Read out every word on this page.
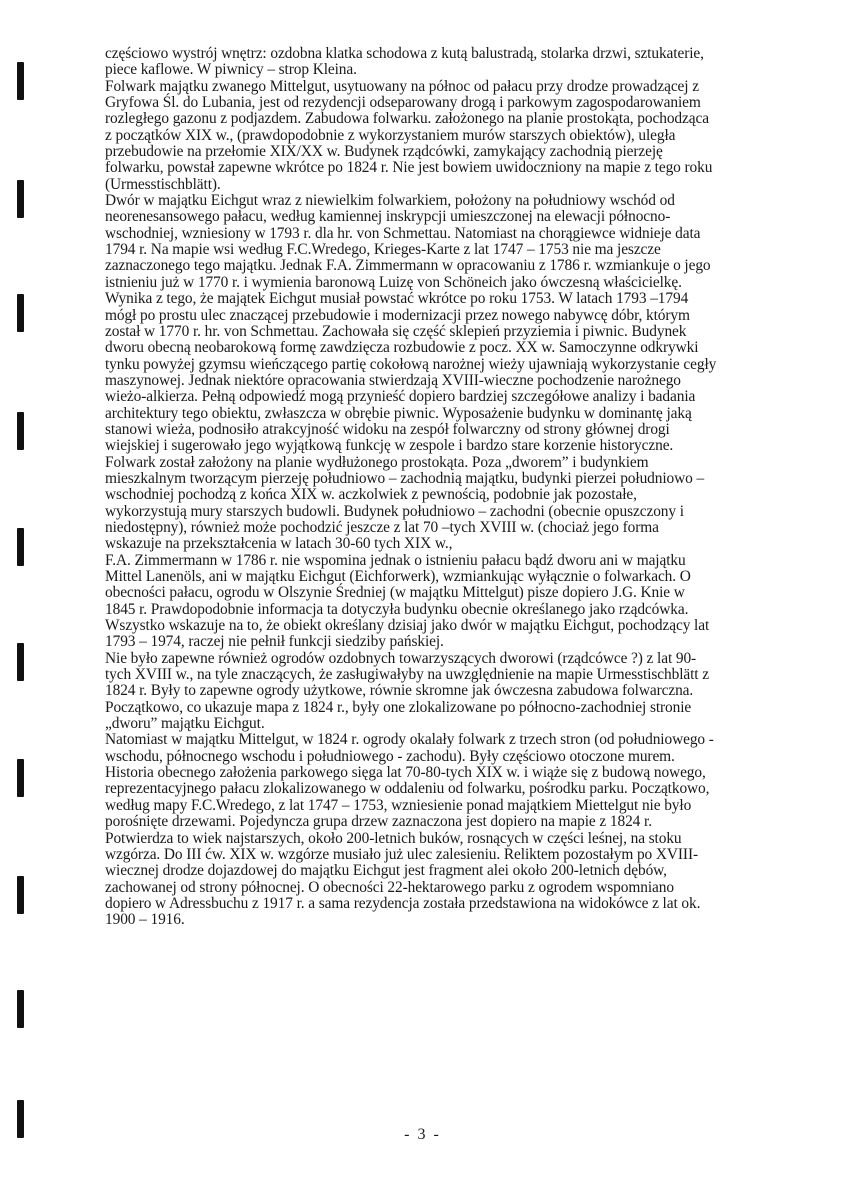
częściowo wystrój wnętrz: ozdobna klatka schodowa z kutą balustradą, stolarka drzwi, sztukaterie,
piece kaflowe. W piwnicy – strop Kleina.
Folwark majątku zwanego Mittelgut, usytuowany na północ od pałacu przy drodze prowadzącej z
Gryfowa Śl. do Lubania, jest od rezydencji odseparowany drogą i parkowym zagospodarowaniem
rozległego gazonu z podjazdem. Zabudowa folwarku. założonego na planie prostokąta, pochodząca
z początków XIX w., (prawdopodobnie z wykorzystaniem murów starszych obiektów), uległa
przebudowie na przełomie XIX/XX w. Budynek rządcówki, zamykający zachodnią pierzeję
folwarku, powstał zapewne wkrótce po 1824 r. Nie jest bowiem uwidoczniony na mapie z tego roku
(Urmesstischblätt).
Dwór w majątku Eichgut wraz z niewielkim folwarkiem, położony na południowy wschód od
neorenesansowego pałacu, według kamiennej inskrypcji umieszczonej na elewacji północno-
wschodniej, wzniesiony w 1793 r. dla hr. von Schmettau. Natomiast na chorągiewce widnieje data
1794 r. Na mapie wsi według F.C.Wredego, Krieges-Karte z lat 1747 – 1753 nie ma jeszcze
zaznaczonego tego majątku. Jednak F.A. Zimmermann w opracowaniu z 1786 r. wzmiankuje o jego
istnieniu już w 1770 r. i wymienia baronową Luizę von Schöneich jako ówczesną właścicielkę.
Wynika z tego, że majątek Eichgut musiał powstać wkrótce po roku 1753. W latach 1793 –1794
mógł po prostu ulec znaczącej przebudowie i modernizacji przez nowego nabywcę dóbr, którym
został w 1770 r. hr. von Schmettau. Zachowała się część sklepień przyziemia i piwnic. Budynek
dworu obecną neobarokową formę zawdzięcza rozbudowie z pocz. XX w. Samoczynne odkrywki
tynku powyżej gzymsu wieńczącego partię cokołową narożnej wieży ujawniają wykorzystanie cegły
maszynowej. Jednak niektóre opracowania stwierdzają XVIII-wieczne pochodzenie narożnego
wieżo-alkierza. Pełną odpowiedź mogą przynieść dopiero bardziej szczegółowe analizy i badania
architektury tego obiektu, zwłaszcza w obrębie piwnic. Wyposażenie budynku w dominantę jaką
stanowi wieża, podnosiło atrakcyjność widoku na zespół folwarczny od strony głównej drogi
wiejskiej i sugerowało jego wyjątkową funkcję w zespole i bardzo stare korzenie historyczne.
Folwark został założony na planie wydłużonego prostokąta. Poza „dworem” i budynkiem
mieszkalnym tworzącym pierzeję południowo – zachodnią majątku, budynki pierzei południowo –
wschodniej pochodzą z końca XIX w. aczkolwiek z pewnością, podobnie jak pozostałe,
wykorzystują mury starszych budowli. Budynek południowo – zachodni (obecnie opuszczony i
niedostępny), również może pochodzić jeszcze z lat 70 –tych XVIII w. (chociaż jego forma
wskazuje na przekształcenia w latach 30-60 tych XIX w.,
F.A. Zimmermann w 1786 r. nie wspomina jednak o istnieniu pałacu bądź dworu ani w majątku
Mittel Lanenöls, ani w majątku Eichgut (Eichforwerk), wzmiankując wyłącznie o folwarkach. O
obecności pałacu, ogrodu w Olszynie Średniej (w majątku Mittelgut) pisze dopiero J.G. Knie w
1845 r. Prawdopodobnie informacja ta dotyczyła budynku obecnie określanego jako rządcówka.
Wszystko wskazuje na to, że obiekt określany dzisiaj jako dwór w majątku Eichgut, pochodzący lat
1793 – 1974, raczej nie pełnił funkcji siedziby pańskiej.
Nie było zapewne również ogrodów ozdobnych towarzyszących dworowi (rządcówce ?) z lat 90-
tych XVIII w., na tyle znaczących, że zasługiwałyby na uwzględnienie na mapie Urmesstischblätt z
1824 r. Były to zapewne ogrody użytkowe, równie skromne jak ówczesna zabudowa folwarczna.
Początkowo, co ukazuje mapa z 1824 r., były one zlokalizowane po północno-zachodniej stronie
„dworu” majątku Eichgut.
Natomiast w majątku Mittelgut, w 1824 r. ogrody okalały folwark z trzech stron (od południowego -
wschodu, północnego wschodu i południowego - zachodu). Były częściowo otoczone murem.
Historia obecnego założenia parkowego sięga lat 70-80-tych XIX w. i wiąże się z budową nowego,
reprezentacyjnego pałacu zlokalizowanego w oddaleniu od folwarku, pośrodku parku. Początkowo,
według mapy F.C.Wredego, z lat 1747 – 1753, wzniesienie ponad majątkiem Miettelgut nie było
porośnięte drzewami. Pojedyncza grupa drzew zaznaczona jest dopiero na mapie z 1824 r.
Potwierdza to wiek najstarszych, około 200-letnich buków, rosnących w części leśnej, na stoku
wzgórza. Do III ćw. XIX w. wzgórze musiało już ulec zalesieniu. Reliktem pozostałym po XVIII-
wiecznej drodze dojazdowej do majątku Eichgut jest fragment alei około 200-letnich dębów,
zachowanej od strony północnej. O obecności 22-hektarowego parku z ogrodem wspomniano
dopiero w Adressbuchu z 1917 r. a sama rezydencja została przedstawiona na widokówce z lat ok.
1900 – 1916.
- 3 -
